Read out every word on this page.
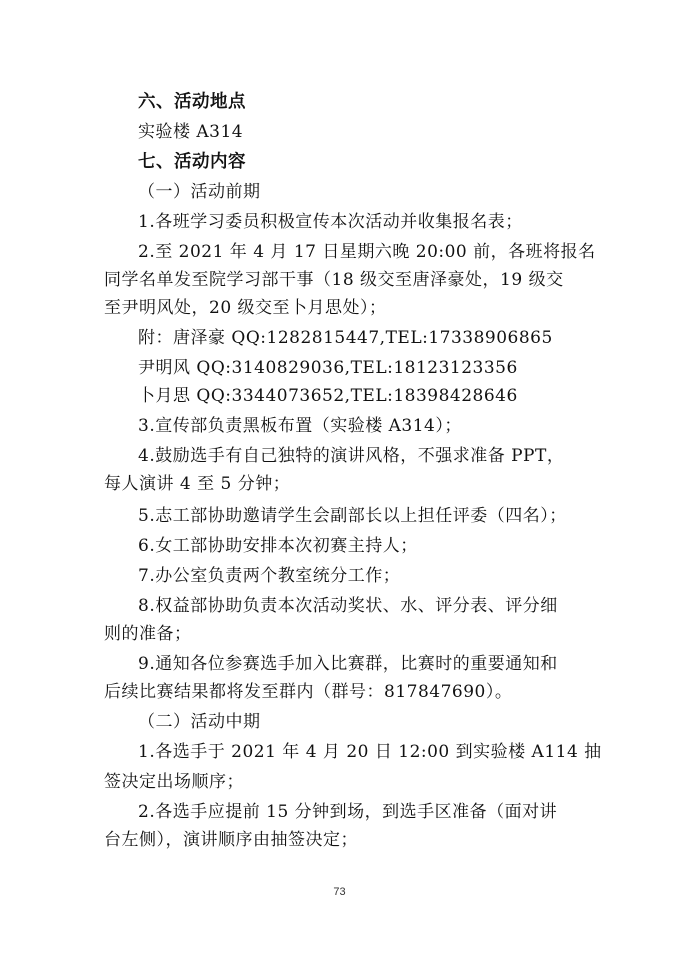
六、活动地点
实验楼 A314
七、活动内容
（一）活动前期
1.各班学习委员积极宣传本次活动并收集报名表；
2.至 2021 年 4 月 17 日星期六晚 20:00 前，各班将报名
同学名单发至院学习部干事（18 级交至唐泽豪处，19 级交
至尹明风处，20 级交至卜月思处）；
附：唐泽豪 QQ:1282815447,TEL:17338906865
尹明风 QQ:3140829036,TEL:18123123356
卜月思 QQ:3344073652,TEL:18398428646
3.宣传部负责黑板布置（实验楼 A314）；
4.鼓励选手有自己独特的演讲风格，不强求准备 PPT，
每人演讲 4 至 5 分钟；
5.志工部协助邀请学生会副部长以上担任评委（四名）；
6.女工部协助安排本次初赛主持人；
7.办公室负责两个教室统分工作；
8.权益部协助负责本次活动奖状、水、评分表、评分细
则的准备；
9.通知各位参赛选手加入比赛群，比赛时的重要通知和
后续比赛结果都将发至群内（群号：817847690）。
（二）活动中期
1.各选手于 2021 年 4 月 20 日 12:00 到实验楼 A114 抽
签决定出场顺序；
2.各选手应提前 15 分钟到场，到选手区准备（面对讲
台左侧），演讲顺序由抽签决定；
73
